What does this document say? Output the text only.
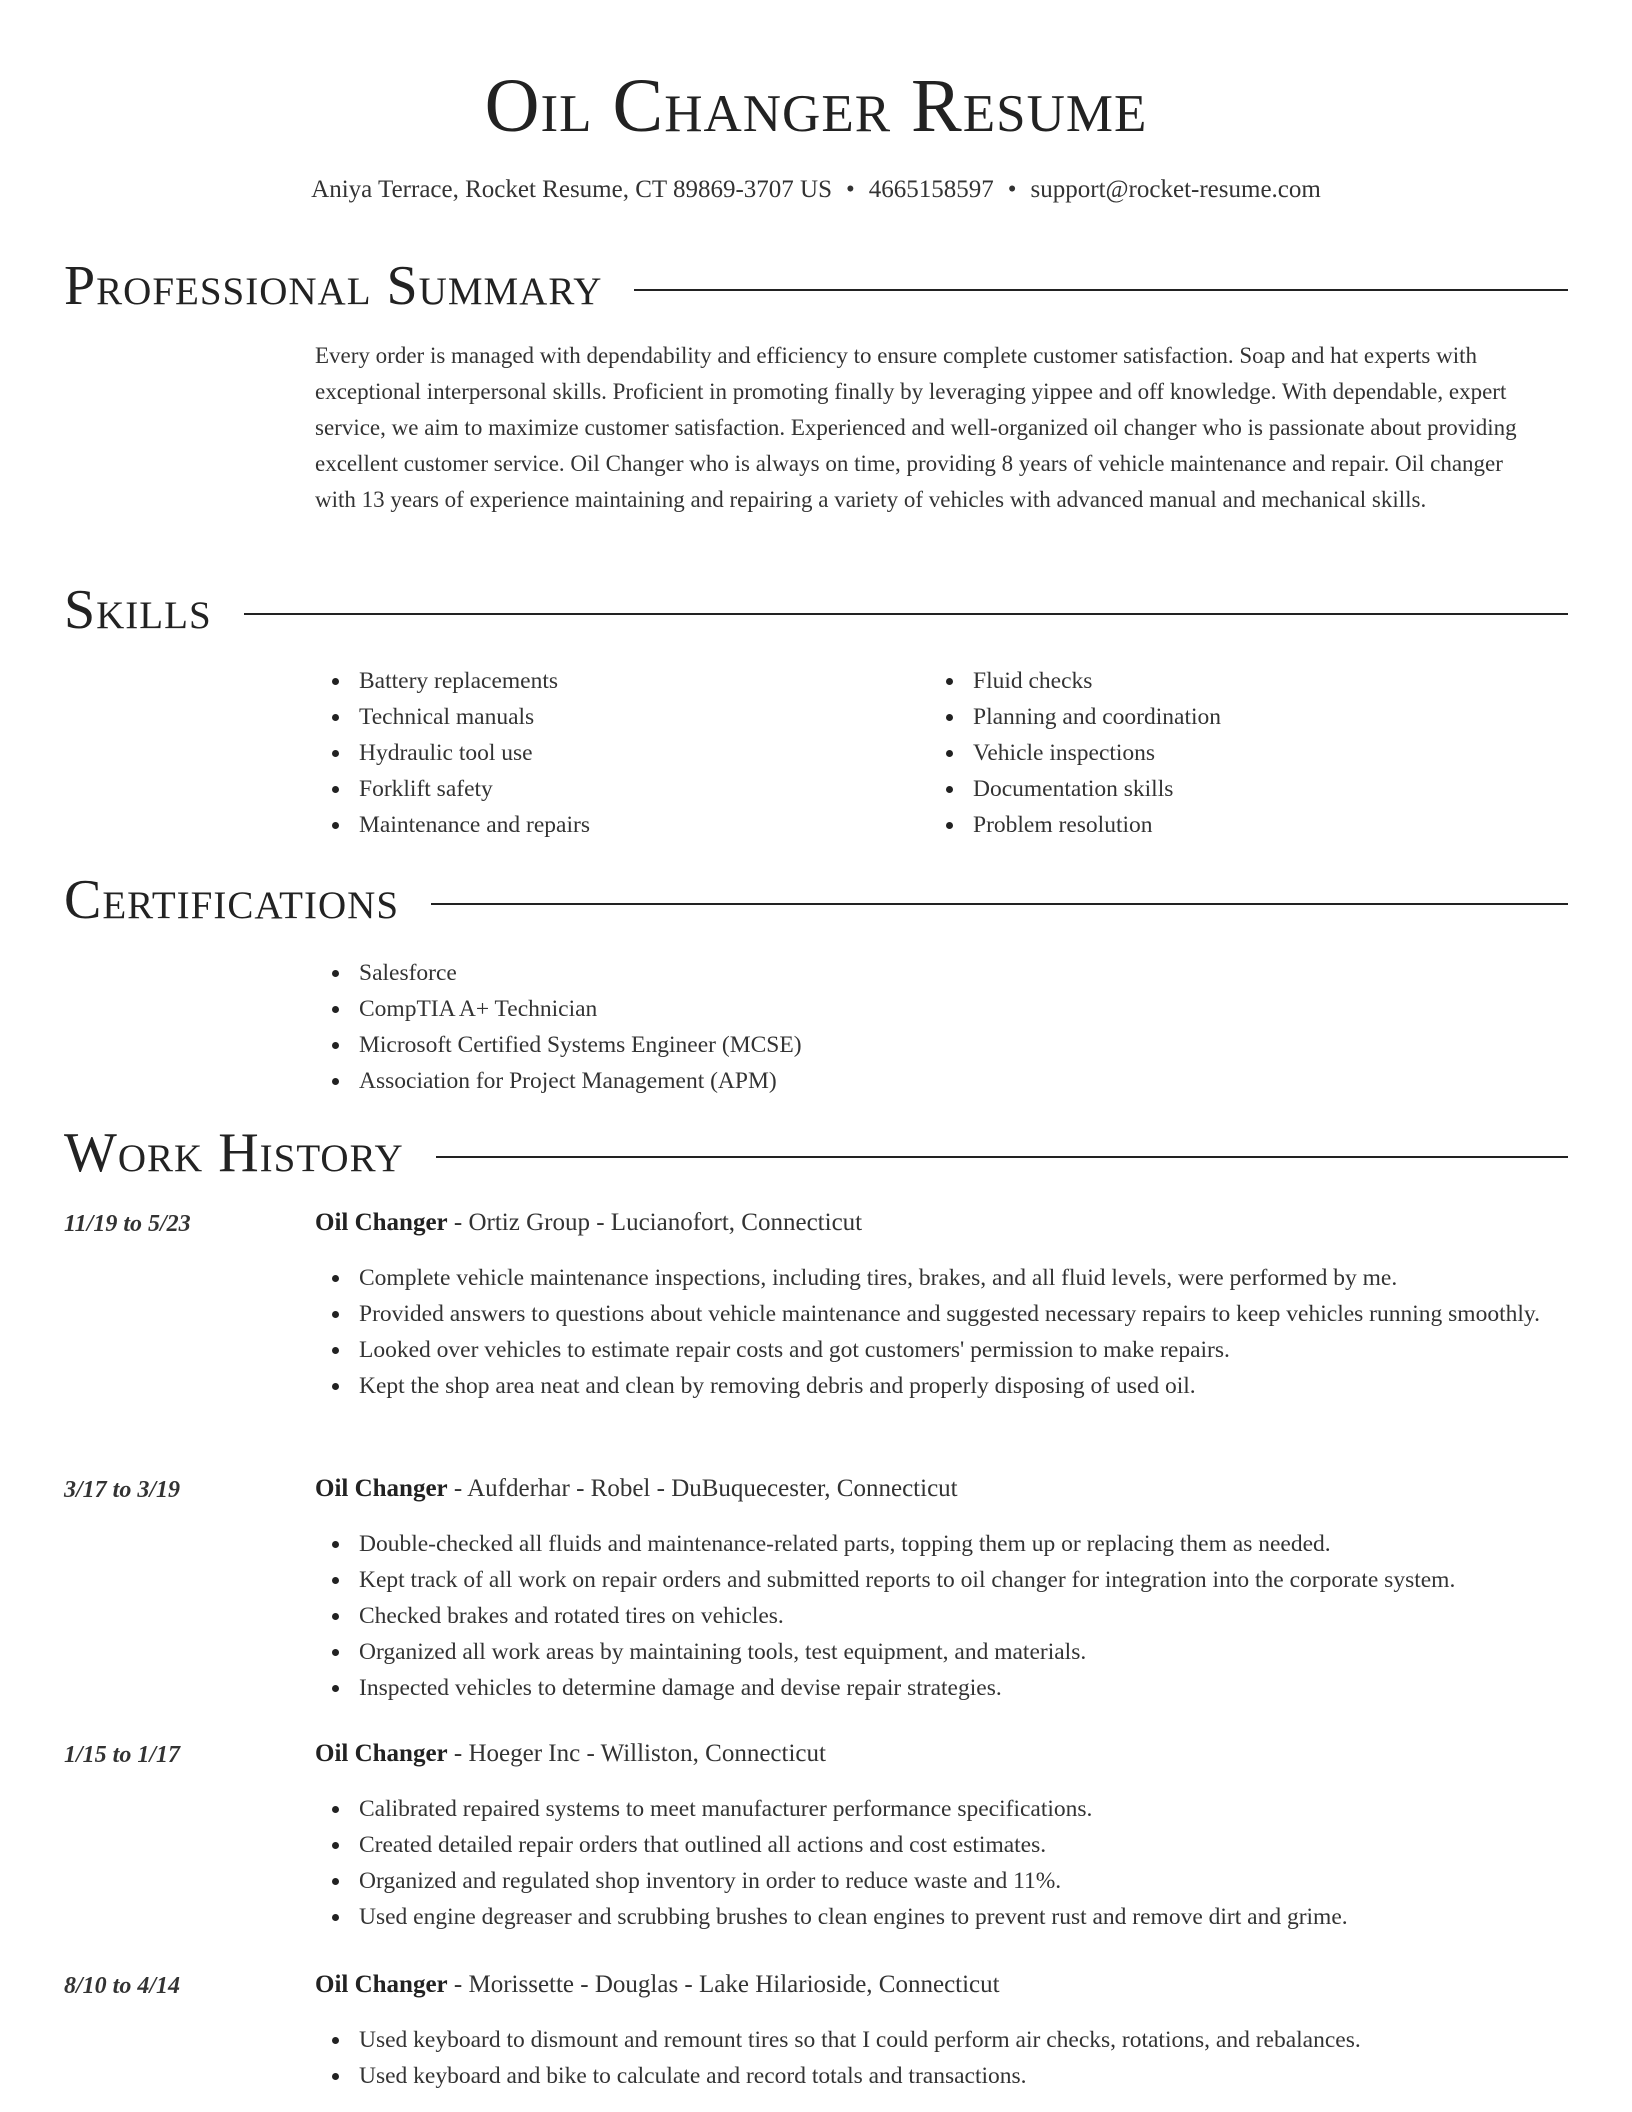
Oil Changer Resume
Aniya Terrace, Rocket Resume, CT 89869-3707 US • 4665158597 • support@rocket-resume.com
Professional Summary
Every order is managed with dependability and efficiency to ensure complete customer satisfaction. Soap and hat experts with exceptional interpersonal skills. Proficient in promoting finally by leveraging yippee and off knowledge. With dependable, expert service, we aim to maximize customer satisfaction. Experienced and well-organized oil changer who is passionate about providing excellent customer service. Oil Changer who is always on time, providing 8 years of vehicle maintenance and repair. Oil changer with 13 years of experience maintaining and repairing a variety of vehicles with advanced manual and mechanical skills.
Skills
Battery replacements
Technical manuals
Hydraulic tool use
Forklift safety
Maintenance and repairs
Fluid checks
Planning and coordination
Vehicle inspections
Documentation skills
Problem resolution
Certifications
Salesforce
CompTIA A+ Technician
Microsoft Certified Systems Engineer (MCSE)
Association for Project Management (APM)
Work History
11/19 to 5/23	Oil Changer - Ortiz Group - Lucianofort, Connecticut
Complete vehicle maintenance inspections, including tires, brakes, and all fluid levels, were performed by me.
Provided answers to questions about vehicle maintenance and suggested necessary repairs to keep vehicles running smoothly.
Looked over vehicles to estimate repair costs and got customers' permission to make repairs.
Kept the shop area neat and clean by removing debris and properly disposing of used oil.
3/17 to 3/19	Oil Changer - Aufderhar - Robel - DuBuquecester, Connecticut
Double-checked all fluids and maintenance-related parts, topping them up or replacing them as needed.
Kept track of all work on repair orders and submitted reports to oil changer for integration into the corporate system.
Checked brakes and rotated tires on vehicles.
Organized all work areas by maintaining tools, test equipment, and materials.
Inspected vehicles to determine damage and devise repair strategies.
1/15 to 1/17	Oil Changer - Hoeger Inc - Williston, Connecticut
Calibrated repaired systems to meet manufacturer performance specifications.
Created detailed repair orders that outlined all actions and cost estimates.
Organized and regulated shop inventory in order to reduce waste and 11%.
Used engine degreaser and scrubbing brushes to clean engines to prevent rust and remove dirt and grime.
8/10 to 4/14	Oil Changer - Morissette - Douglas - Lake Hilarioside, Connecticut
Used keyboard to dismount and remount tires so that I could perform air checks, rotations, and rebalances.
Used keyboard and bike to calculate and record totals and transactions.
